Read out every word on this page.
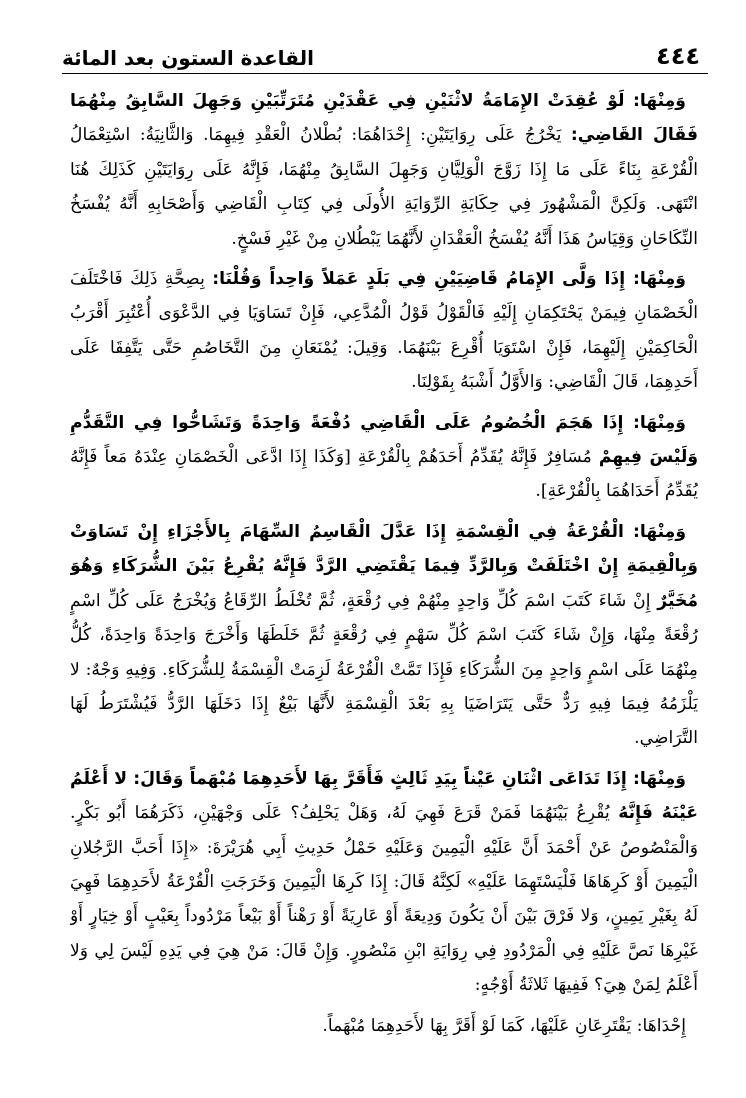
٤٤٤
القاعدة الستون بعد المائة

وَمِنْهَا: لَوْ عُقِدَتْ الإِمَامَةُ لاثْنَيْنِ فِي عَقْدَيْنِ مُتَرَتِّبَيْنِ وَجَهِلَ السَّابِقُ مِنْهُمَا فَقَالَ القَاضِي: يَخْرُجُ عَلَى رِوَايَتَيْنِ: إِحْدَاهُمَا: بُطْلانُ الْعَقْدِ فِيهِمَا. وَالثَّانِيَةُ: اسْتِعْمَالُ الْقُرْعَةِ بِنَاءً عَلَى مَا إِذَا زَوَّجَ الْوَلِيَّانِ وَجَهِلَ السَّابِقُ مِنْهُمَا، فَإِنَّهُ عَلَى رِوَايَتَيْنِ كَذَلِكَ هُنَا انْتَهَى. وَلَكِنَّ الْمَشْهُورَ فِي حِكَايَةِ الرِّوَايَةِ الأُولَى فِي كِتَابِ الْقَاضِي وَأَصْحَابِهِ أَنَّهُ يُفْسَخُ النِّكَاحَانِ وَقِيَاسُ هَذَا أَنَّهُ يُفْسَخُ الْعَقْدَانِ لأَنَّهُمَا يَبْطُلانِ مِنْ غَيْرِ فَسْخٍ.

وَمِنْهَا: إِذَا وَلَّى الإِمَامُ قَاضِيَيْنِ فِي بَلَدٍ عَمَلاً وَاحِداً وَقُلْنَا: بِصِحَّةِ ذَلِكَ فَاخْتَلَفَ الْخَصْمَانِ فِيمَنْ يَحْتَكِمَانِ إِلَيْهِ فَالْقَوْلُ قَوْلُ الْمُدَّعِي، فَإِنْ تَسَاوَيَا فِي الدَّعْوَى أُعْتُبِرَ أَقْرَبُ الْحَاكِمَيْنِ إِلَيْهِمَا، فَإِنْ اسْتَوَيَا أُقْرِعَ بَيْنَهُمَا. وَقِيلَ: يُمْنَعَانِ مِنَ التَّخَاصُمِ حَتَّى يَتَّفِقَا عَلَى أَحَدِهِمَا، قَالَ الْقَاضِي: وَالأَوَّلُ أَشْبَهُ بِقَوْلِنَا.

وَمِنْهَا: إِذَا هَجَمَ الْخُصُومُ عَلَى الْقَاضِي دُفْعَةً وَاحِدَةً وَتَشَاحُّوا فِي التَّقَدُّمِ وَلَيْسَ فِيهِمْ مُسَافِرٌ فَإِنَّهُ يُقَدِّمُ أَحَدَهُمْ بِالْقُرْعَةِ [وَكَذَا إِذَا ادَّعَى الْخَصْمَانِ عِنْدَهُ مَعاً فَإِنَّهُ يُقَدِّمُ أَحَدَاهُمَا بِالْقُرْعَةِ].

وَمِنْهَا: الْقُرْعَةُ فِي الْقِسْمَةِ إِذَا عَدَّلَ الْقَاسِمُ السِّهَامَ بِالأَجْزَاءِ إِنْ تَسَاوَتْ وَبِالْقِيمَةِ إِنْ اخْتَلَفَتْ وَبِالرَّدِّ فِيمَا يَقْتَضِي الرَّدَّ فَإِنَّهُ يُقْرِعُ بَيْنَ الشُّرَكَاءِ وَهُوَ مُخَيَّرٌ إِنْ شَاءَ كَتَبَ اسْمَ كُلِّ وَاحِدٍ مِنْهُمْ فِي رُقْعَةٍ، ثُمَّ تُخْلَطُ الرِّقَاعُ وَيُخْرَجُ عَلَى كُلِّ اسْمٍ رُقْعَةً مِنْهَا، وَإِنْ شَاءَ كَتَبَ اسْمَ كُلِّ سَهْمٍ فِي رُقْعَةٍ ثُمَّ خَلَطَهَا وَأَخْرَجَ وَاحِدَةً وَاحِدَةً، كُلُّ مِنْهُمَا عَلَى اسْمٍ وَاحِدٍ مِنَ الشُّرَكَاءِ فَإِذَا تَمَّتْ الْقُرْعَةُ لَزِمَتْ الْقِسْمَةُ لِلشُّرَكَاءِ. وَفِيهِ وَجْهٌ: لا يَلْزَمُهُ فِيمَا فِيهِ رَدٌّ حَتَّى يَتَرَاضَيَا بِهِ بَعْدَ الْقِسْمَةِ لأَنَّهَا بَيْعٌ إِذَا دَخَلَهَا الرَّدُّ فَيُشْتَرَطُ لَهَا التَّرَاضِي.

وَمِنْهَا: إِذَا تَدَاعَى اثْنَانِ عَيْناً بِيَدِ ثَالِثٍ فَأَقَرَّ بِهَا لأَحَدِهِمَا مُبْهَماً وَقَالَ: لا أَعْلَمُ عَيْنَهُ فَإِنَّهُ يُقْرِعُ بَيْنَهُمَا فَمَنْ قَرَعَ فَهِيَ لَهُ، وَهَلْ يَحْلِفُ؟ عَلَى وَجْهَيْنِ، ذَكَرَهُمَا أَبُو بَكْرٍ. وَالْمَنْصُوصُ عَنْ أَحْمَدَ أَنَّ عَلَيْهِ الْيَمِينَ وَعَلَيْهِ حَمْلُ حَدِيثِ أَبِي هُرَيْرَةَ: «إِذَا أَحَبَّ الرَّجُلانِ الْيَمِينَ أَوْ كَرِهَاهَا فَلْيَسْتَهِمَا عَلَيْهِ» لَكِنَّهُ قَالَ: إِذَا كَرِهَا الْيَمِينَ وَخَرَجَتِ الْقُرْعَةُ لأَحَدِهِمَا فَهِيَ لَهُ بِغَيْرِ يَمِينٍ، وَلا فَرْقَ بَيْنَ أَنْ يَكُونَ وَدِيعَةً أَوْ عَارِيَةً أَوْ رَهْناً أَوْ بَيْعاً مَرْدُوداً بِعَيْبٍ أَوْ خِيَارٍ أَوْ غَيْرِهَا نَصَّ عَلَيْهِ فِي الْمَرْدُودِ فِي رِوَايَةِ ابْنِ مَنْصُورٍ. وَإِنْ قَالَ: مَنْ هِيَ فِي يَدِهِ لَيْسَ لِي وَلا أَعْلَمُ لِمَنْ هِيَ؟ فَفِيهَا ثَلاثَةُ أَوْجُهٍ:

إِحْدَاهَا: يَقْتَرِعَانِ عَلَيْهَا، كَمَا لَوْ أَقَرَّ بِهَا لأَحَدِهِمَا مُبْهَماً.
